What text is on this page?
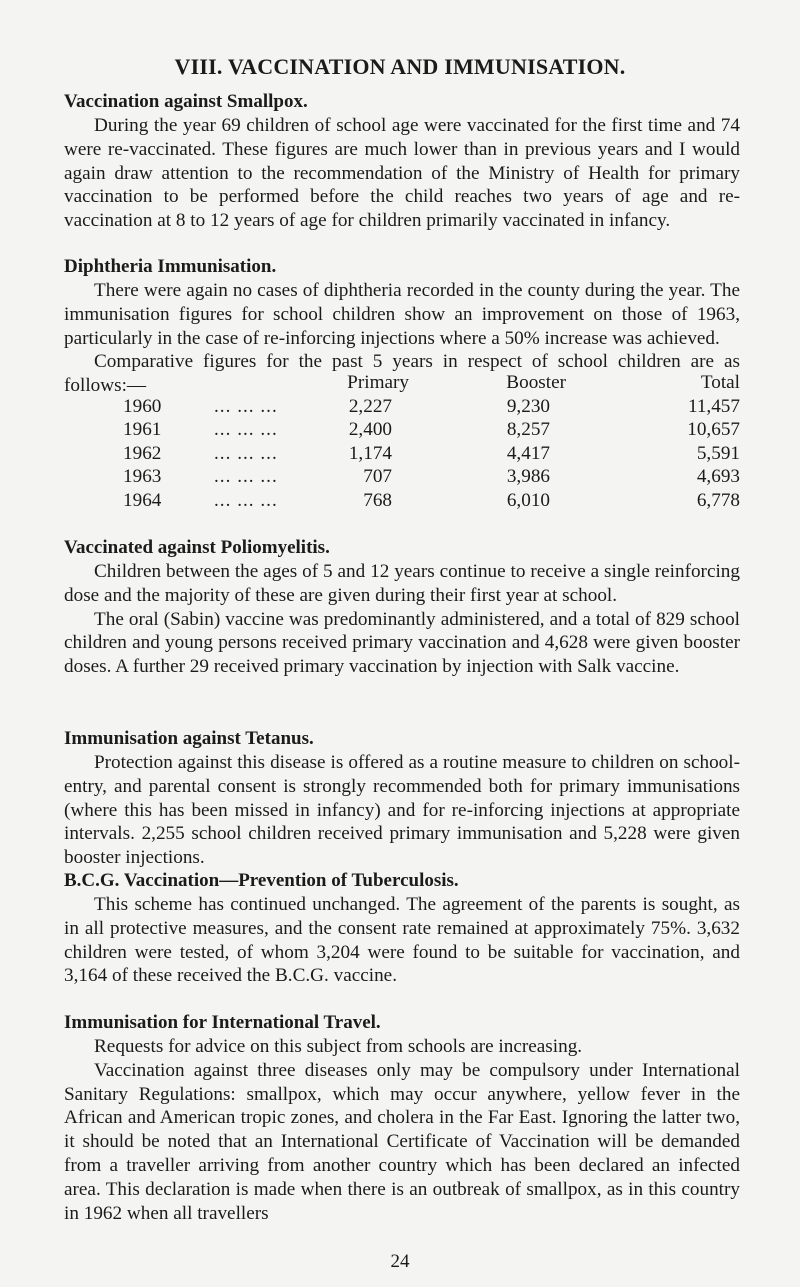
VIII. VACCINATION AND IMMUNISATION.
Vaccination against Smallpox.

During the year 69 children of school age were vaccinated for the first time and 74 were re-vaccinated. These figures are much lower than in previous years and I would again draw attention to the recommendation of the Ministry of Health for primary vaccination to be performed before the child reaches two years of age and re-vaccination at 8 to 12 years of age for children primarily vaccinated in infancy.

Diphtheria Immunisation.

There were again no cases of diphtheria recorded in the county during the year. The immunisation figures for school children show an improvement on those of 1963, particularly in the case of re-inforcing injections where a 50% increase was achieved.

Comparative figures for the past 5 years in respect of school children are as follows:—	Primary	Booster	Total
1960	... ... ...	2,227	9,230	11,457
1961	... ... ...	2,400	8,257	10,657
1962	... ... ...	1,174	4,417	5,591
1963	... ... ...	707	3,986	4,693
1964	... ... ...	768	6,010	6,778
Vaccinated against Poliomyelitis.

Children between the ages of 5 and 12 years continue to receive a single reinforcing dose and the majority of these are given during their first year at school.

The oral (Sabin) vaccine was predominantly administered, and a total of 829 school children and young persons received primary vaccination and 4,628 were given booster doses. A further 29 received primary vaccination by injection with Salk vaccine.

Immunisation against Tetanus.

Protection against this disease is offered as a routine measure to children on school-entry, and parental consent is strongly recommended both for primary immunisations (where this has been missed in infancy) and for re-inforcing injections at appropriate intervals. 2,255 school children received primary immunisation and 5,228 were given booster injections.

B.C.G. Vaccination—Prevention of Tuberculosis.

This scheme has continued unchanged. The agreement of the parents is sought, as in all protective measures, and the consent rate remained at approximately 75%. 3,632 children were tested, of whom 3,204 were found to be suitable for vaccination, and 3,164 of these received the B.C.G. vaccine.

Immunisation for International Travel.

Requests for advice on this subject from schools are increasing.

Vaccination against three diseases only may be compulsory under International Sanitary Regulations: smallpox, which may occur anywhere, yellow fever in the African and American tropic zones, and cholera in the Far East. Ignoring the latter two, it should be noted that an International Certificate of Vaccination will be demanded from a traveller arriving from another country which has been declared an infected area. This declaration is made when there is an outbreak of smallpox, as in this country in 1962 when all travellers

24
